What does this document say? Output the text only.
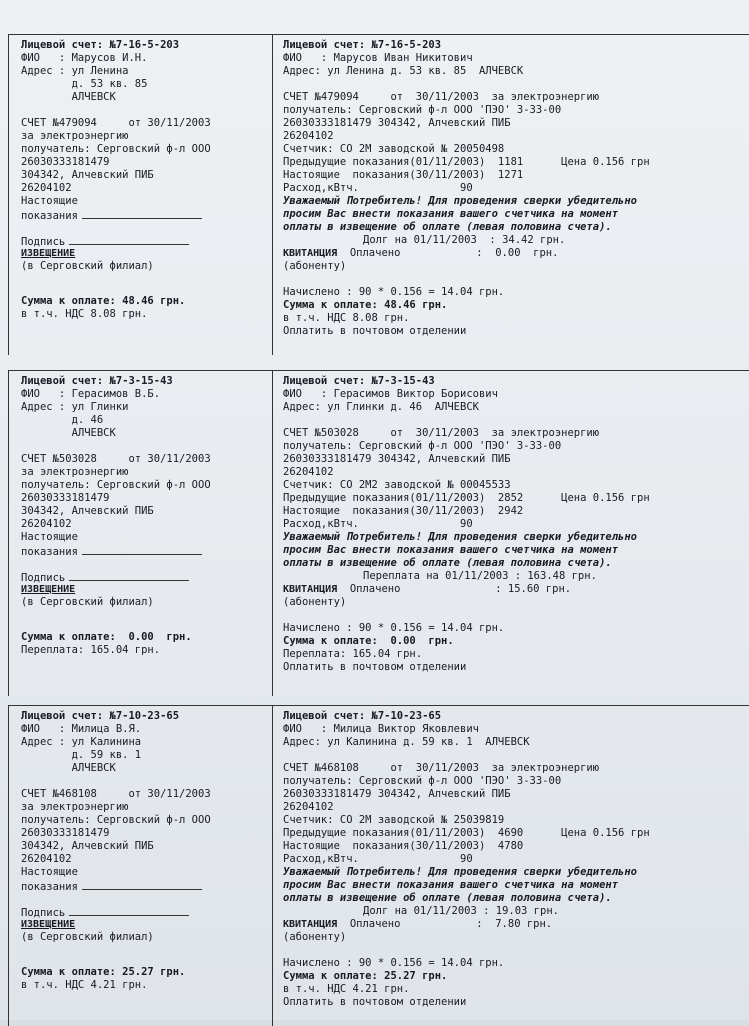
Лицевой счет: №7-16-5-203
ФИО   : Марусов И.Н.
Адрес : ул Ленина
д. 53 кв. 85
АЛЧЕВСК
СЧЕТ №479094     от 30/11/2003
за электроэнергию
получатель: Серговский ф-л ООО
26030333181479
304342, Алчевский ПИБ
26204102
Настоящие
показания
Подпись
ИЗВЕЩЕНИЕ
(в Серговский филиал)
Сумма к оплате: 48.46 грн.
в т.ч. НДС 8.08 грн.
Лицевой счет: №7-16-5-203
ФИО   : Марусов Иван Никитович
Адрес: ул Ленина д. 53 кв. 85  АЛЧЕВСК
СЧЕТ №479094     от  30/11/2003  за электроэнергию
получатель: Серговский ф-л ООО 'ПЭО' 3-33-00
26030333181479 304342, Алчевский ПИБ
26204102
Счетчик: СО 2М заводской № 20050498
Предыдущие показания(01/11/2003)  1181      Цена 0.156 грн
Настоящие  показания(30/11/2003)  1271
Расход,кВтч.                90
Уважаемый Потребитель! Для проведения сверки убедительно
просим Вас внести показания вашего счетчика на момент
оплаты в извещение об оплате (левая половина счета).
Долг на 01/11/2003  : 34.42 грн.
КВИТАНЦИЯ Оплачено            :  0.00  грн.
(абоненту)
Начислено : 90 * 0.156 = 14.04 грн.
Сумма к оплате: 48.46 грн.
в т.ч. НДС 8.08 грн.
Оплатить в почтовом отделении
Лицевой счет: №7-3-15-43
ФИО   : Герасимов В.Б.
Адрес : ул Глинки
д. 46
АЛЧЕВСК
СЧЕТ №503028     от 30/11/2003
за электроэнергию
получатель: Серговский ф-л ООО
26030333181479
304342, Алчевский ПИБ
26204102
Настоящие
показания
Подпись
ИЗВЕЩЕНИЕ
(в Серговский филиал)
Сумма к оплате:  0.00  грн.
Переплата: 165.04 грн.
Лицевой счет: №7-3-15-43
ФИО   : Герасимов Виктор Борисович
Адрес: ул Глинки д. 46  АЛЧЕВСК
СЧЕТ №503028     от  30/11/2003  за электроэнергию
получатель: Серговский ф-л ООО 'ПЭО' 3-33-00
26030333181479 304342, Алчевский ПИБ
26204102
Счетчик: СО 2М2 заводской № 00045533
Предыдущие показания(01/11/2003)  2852      Цена 0.156 грн
Настоящие  показания(30/11/2003)  2942
Расход,кВтч.                90
Уважаемый Потребитель! Для проведения сверки убедительно
просим Вас внести показания вашего счетчика на момент
оплаты в извещение об оплате (левая половина счета).
Переплата на 01/11/2003 : 163.48 грн.
КВИТАНЦИЯ Оплачено               : 15.60 грн.
(абоненту)
Начислено : 90 * 0.156 = 14.04 грн.
Сумма к оплате:  0.00  грн.
Переплата: 165.04 грн.
Оплатить в почтовом отделении
Лицевой счет: №7-10-23-65
ФИО   : Милица В.Я.
Адрес : ул Калинина
д. 59 кв. 1
АЛЧЕВСК
СЧЕТ №468108     от 30/11/2003
за электроэнергию
получатель: Серговский ф-л ООО
26030333181479
304342, Алчевский ПИБ
26204102
Настоящие
показания
Подпись
ИЗВЕЩЕНИЕ
(в Серговский филиал)
Сумма к оплате: 25.27 грн.
в т.ч. НДС 4.21 грн.
Лицевой счет: №7-10-23-65
ФИО   : Милица Виктор Яковлевич
Адрес: ул Калинина д. 59 кв. 1  АЛЧЕВСК
СЧЕТ №468108     от  30/11/2003  за электроэнергию
получатель: Серговский ф-л ООО 'ПЭО' 3-33-00
26030333181479 304342, Алчевский ПИБ
26204102
Счетчик: СО 2М заводской № 25039819
Предыдущие показания(01/11/2003)  4690      Цена 0.156 грн
Настоящие  показания(30/11/2003)  4780
Расход,кВтч.                90
Уважаемый Потребитель! Для проведения сверки убедительно
просим Вас внести показания вашего счетчика на момент
оплаты в извещение об оплате (левая половина счета).
Долг на 01/11/2003 : 19.03 грн.
КВИТАНЦИЯ Оплачено            :  7.80 грн.
(абоненту)
Начислено : 90 * 0.156 = 14.04 грн.
Сумма к оплате: 25.27 грн.
в т.ч. НДС 4.21 грн.
Оплатить в почтовом отделении
